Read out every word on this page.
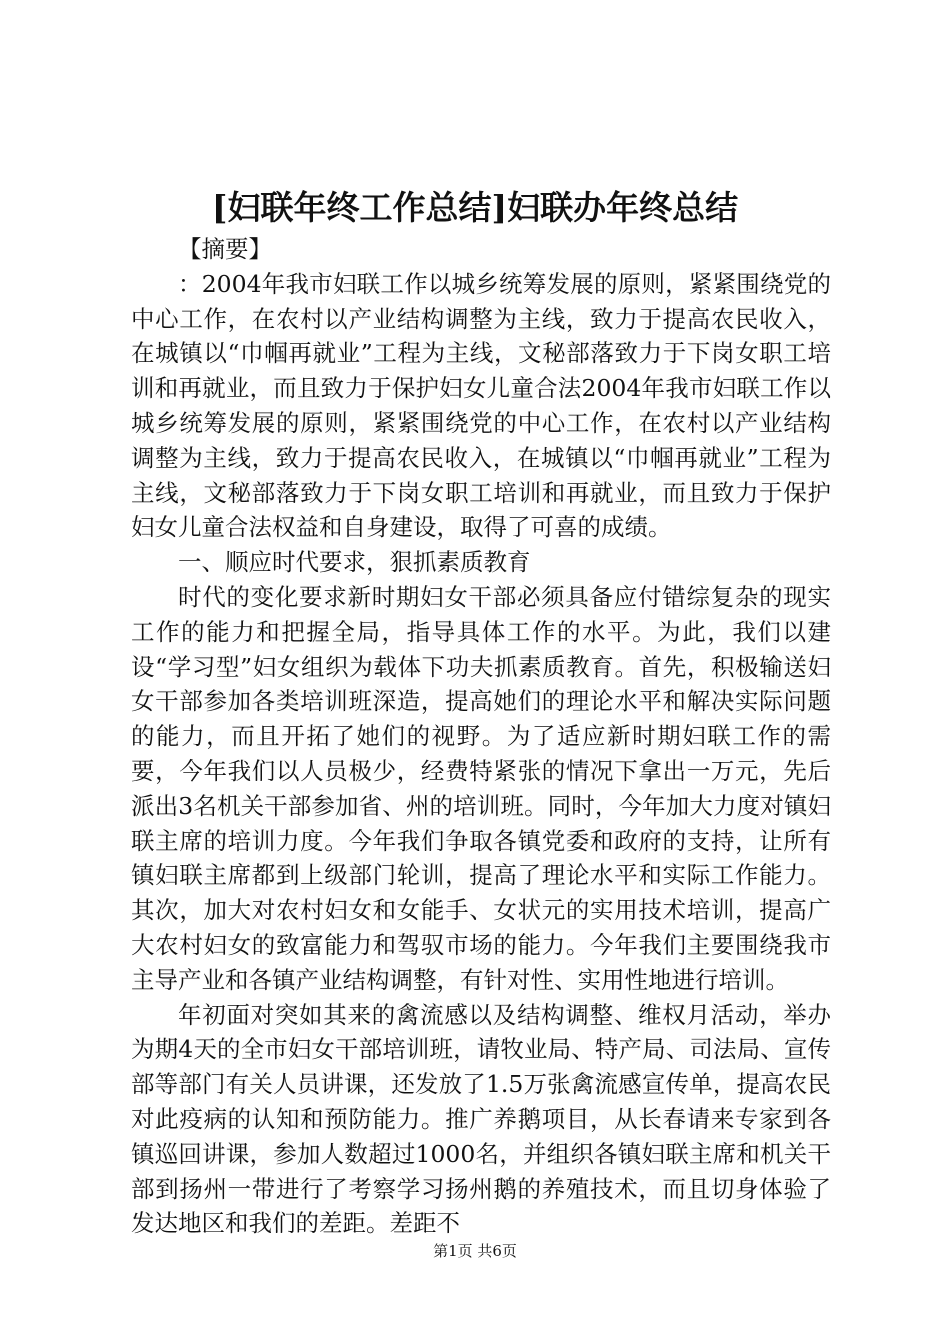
[妇联年终工作总结]妇联办年终总结

【摘要】

：2004年我市妇联工作以城乡统筹发展的原则，紧紧围绕党的中心工作，在农村以产业结构调整为主线，致力于提高农民收入，在城镇以“巾帼再就业”工程为主线，文秘部落致力于下岗女职工培训和再就业，而且致力于保护妇女儿童合法2004年我市妇联工作以城乡统筹发展的原则，紧紧围绕党的中心工作，在农村以产业结构调整为主线，致力于提高农民收入，在城镇以“巾帼再就业”工程为主线，文秘部落致力于下岗女职工培训和再就业，而且致力于保护妇女儿童合法权益和自身建设，取得了可喜的成绩。

一、顺应时代要求，狠抓素质教育

时代的变化要求新时期妇女干部必须具备应付错综复杂的现实工作的能力和把握全局，指导具体工作的水平。为此，我们以建设“学习型”妇女组织为载体下功夫抓素质教育。首先，积极输送妇女干部参加各类培训班深造，提高她们的理论水平和解决实际问题的能力，而且开拓了她们的视野。为了适应新时期妇联工作的需要，今年我们以人员极少，经费特紧张的情况下拿出一万元，先后派出3名机关干部参加省、州的培训班。同时，今年加大力度对镇妇联主席的培训力度。今年我们争取各镇党委和政府的支持，让所有镇妇联主席都到上级部门轮训，提高了理论水平和实际工作能力。其次，加大对农村妇女和女能手、女状元的实用技术培训，提高广大农村妇女的致富能力和驾驭市场的能力。今年我们主要围绕我市主导产业和各镇产业结构调整，有针对性、实用性地进行培训。

年初面对突如其来的禽流感以及结构调整、维权月活动，举办为期4天的全市妇女干部培训班，请牧业局、特产局、司法局、宣传部等部门有关人员讲课，还发放了1.5万张禽流感宣传单，提高农民对此疫病的认知和预防能力。推广养鹅项目，从长春请来专家到各镇巡回讲课，参加人数超过1000名，并组织各镇妇联主席和机关干部到扬州一带进行了考察学习扬州鹅的养殖技术，而且切身体验了发达地区和我们的差距。差距不

第1页 共6页
